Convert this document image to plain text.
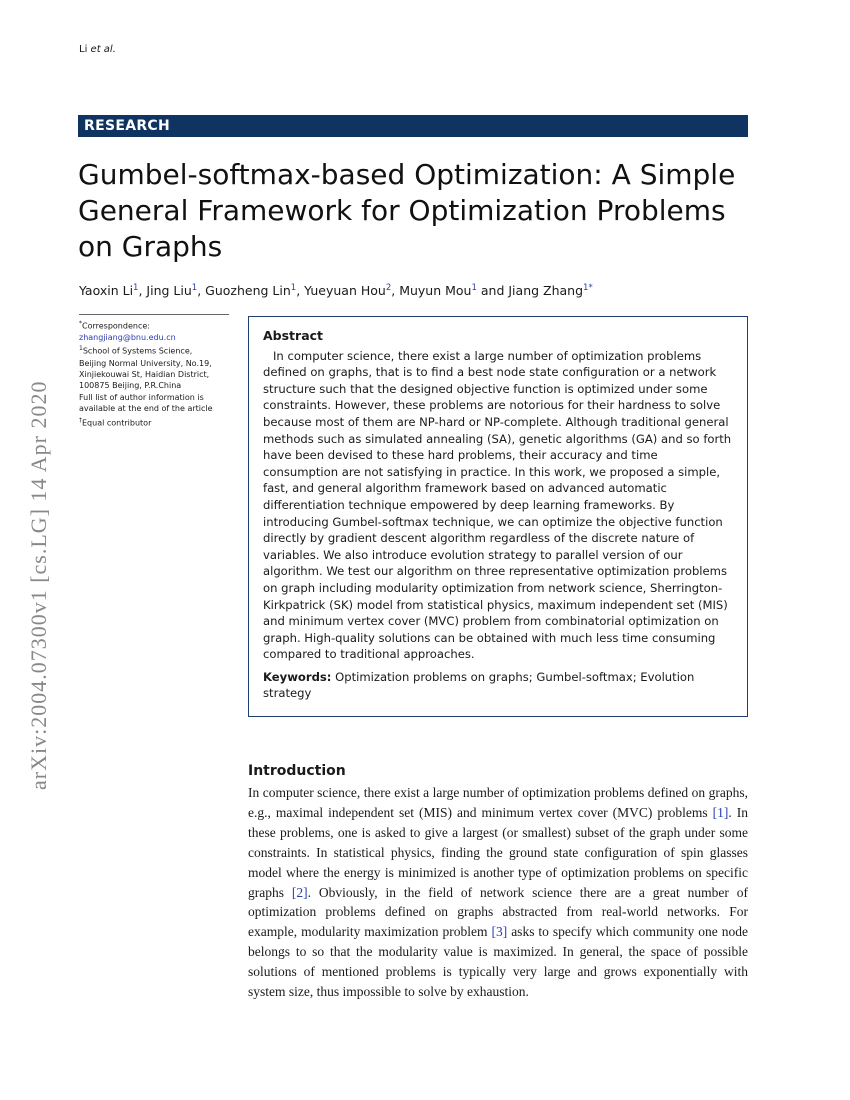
Li et al.
arXiv:2004.07300v1 [cs.LG] 14 Apr 2020
RESEARCH
Gumbel-softmax-based Optimization: A Simple General Framework for Optimization Problems on Graphs
Yaoxin Li$^1$, Jing Liu$^1$, Guozheng Lin$^1$, Yueyuan Hou$^2$, Muyun Mou$^1$ and Jiang Zhang$^{1*}$
*Correspondence:
zhangjiang@bnu.edu.cn
$^1$School of Systems Science,
Beijing Normal University, No.19,
Xinjiekouwai St, Haidian District,
100875 Beijing, P.R.China
Full list of author information is
available at the end of the article
†Equal contributor
Abstract

In computer science, there exist a large number of optimization problems defined on graphs, that is to find a best node state configuration or a network structure such that the designed objective function is optimized under some constraints. However, these problems are notorious for their hardness to solve because most of them are NP-hard or NP-complete. Although traditional general methods such as simulated annealing (SA), genetic algorithms (GA) and so forth have been devised to these hard problems, their accuracy and time consumption are not satisfying in practice. In this work, we proposed a simple, fast, and general algorithm framework based on advanced automatic differentiation technique empowered by deep learning frameworks. By introducing Gumbel-softmax technique, we can optimize the objective function directly by gradient descent algorithm regardless of the discrete nature of variables. We also introduce evolution strategy to parallel version of our algorithm. We test our algorithm on three representative optimization problems on graph including modularity optimization from network science, Sherrington-Kirkpatrick (SK) model from statistical physics, maximum independent set (MIS) and minimum vertex cover (MVC) problem from combinatorial optimization on graph. High-quality solutions can be obtained with much less time consuming compared to traditional approaches.

Keywords: Optimization problems on graphs; Gumbel-softmax; Evolution strategy
Introduction

In computer science, there exist a large number of optimization problems defined on graphs, e.g., maximal independent set (MIS) and minimum vertex cover (MVC) problems [1]. In these problems, one is asked to give a largest (or smallest) subset of the graph under some constraints. In statistical physics, finding the ground state configuration of spin glasses model where the energy is minimized is another type of optimization problems on specific graphs [2]. Obviously, in the field of network science there are a great number of optimization problems defined on graphs abstracted from real-world networks. For example, modularity maximization problem [3] asks to specify which community one node belongs to so that the modularity value is maximized. In general, the space of possible solutions of mentioned problems is typically very large and grows exponentially with system size, thus impossible to solve by exhaustion.
